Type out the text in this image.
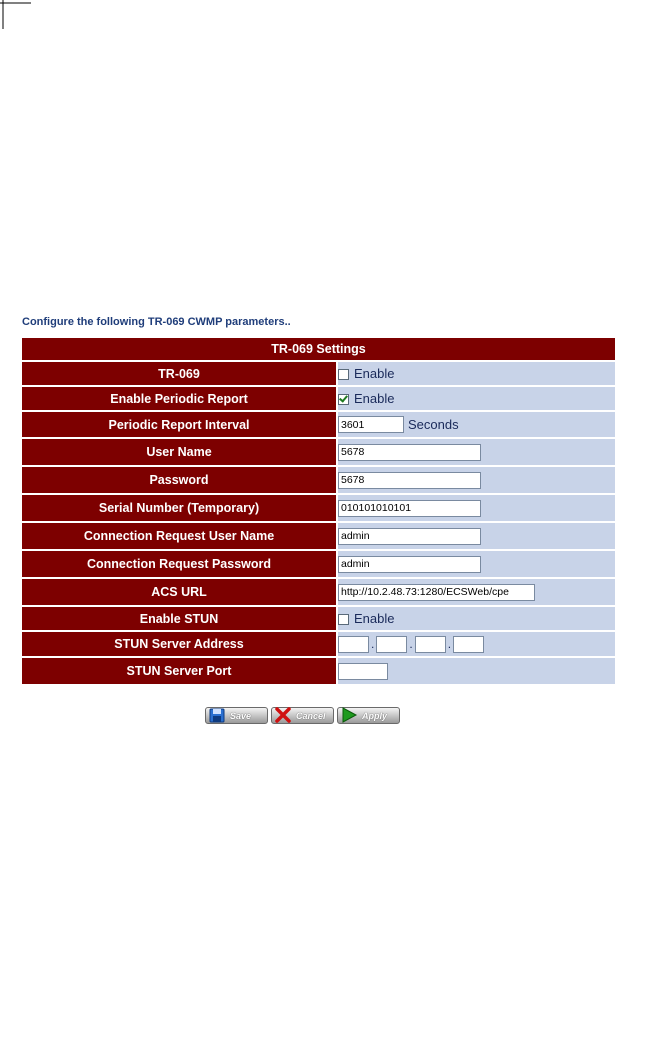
Configure the following TR-069 CWMP parameters..
TR-069 Settings	
TR-069	Enable
Enable Periodic Report	Enable
Periodic Report Interval	3601Seconds
User Name	5678
Password	5678
Serial Number (Temporary)	010101010101
Connection Request User Name	admin
Connection Request Password	admin
ACS URL	http://10.2.48.73:1280/ECSWeb/cpe
Enable STUN	Enable
STUN Server Address	. . .
STUN Server Port	
Save	Cancel	Apply
